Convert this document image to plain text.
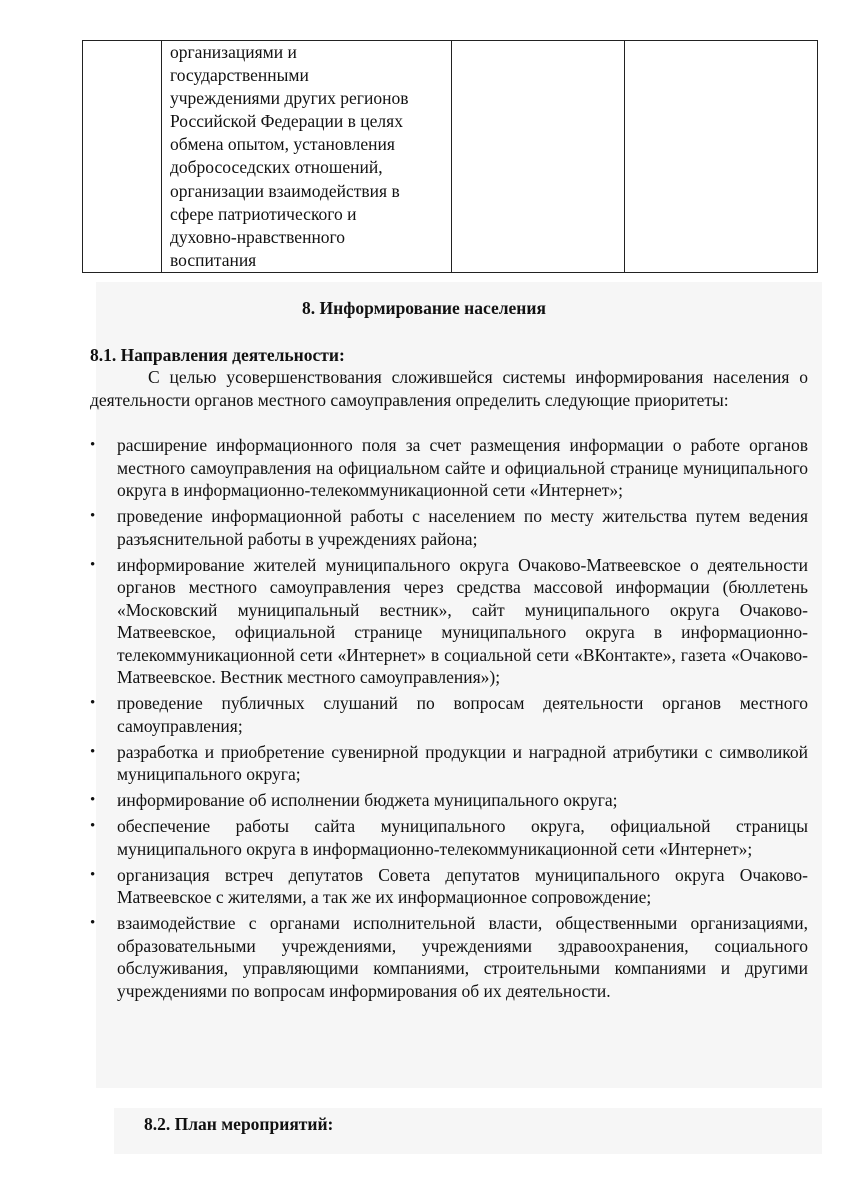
организациями и
государственными
учреждениями других регионов
Российской Федерации в целях
обмена опытом, установления
добрососедских отношений,
организации взаимодействия в
сфере патриотического и
духовно-нравственного
воспитания

8. Информирование населения
8.1. Направления деятельности:

С целью усовершенствования сложившейся системы информирования населения о деятельности органов местного самоуправления определить следующие приоритеты:

• расширение информационного поля за счет размещения информации о работе органов местного самоуправления на официальном сайте и официальной странице муниципального округа в информационно-телекоммуникационной сети «Интернет»;
• проведение информационной работы с населением по месту жительства путем ведения разъяснительной работы в учреждениях района;
• информирование жителей муниципального округа Очаково-Матвеевское о деятельности органов местного самоуправления через средства массовой информации (бюллетень «Московский муниципальный вестник», сайт муниципального округа Очаково-Матвеевское, официальной странице муниципального округа в информационно-телекоммуникационной сети «Интернет» в социальной сети «ВКонтакте», газета «Очаково-Матвеевское. Вестник местного самоуправления»);
• проведение публичных слушаний по вопросам деятельности органов местного самоуправления;
• разработка и приобретение сувенирной продукции и наградной атрибутики с символикой муниципального округа;
• информирование об исполнении бюджета муниципального округа;
• обеспечение работы сайта муниципального округа, официальной страницы муниципального округа в информационно-телекоммуникационной сети «Интернет»;
• организация встреч депутатов Совета депутатов муниципального округа Очаково-Матвеевское с жителями, а так же их информационное сопровождение;
• взаимодействие с органами исполнительной власти, общественными организациями, образовательными учреждениями, учреждениями здравоохранения, социального обслуживания, управляющими компаниями, строительными компаниями и другими учреждениями по вопросам информирования об их деятельности.
8.2. План мероприятий:
